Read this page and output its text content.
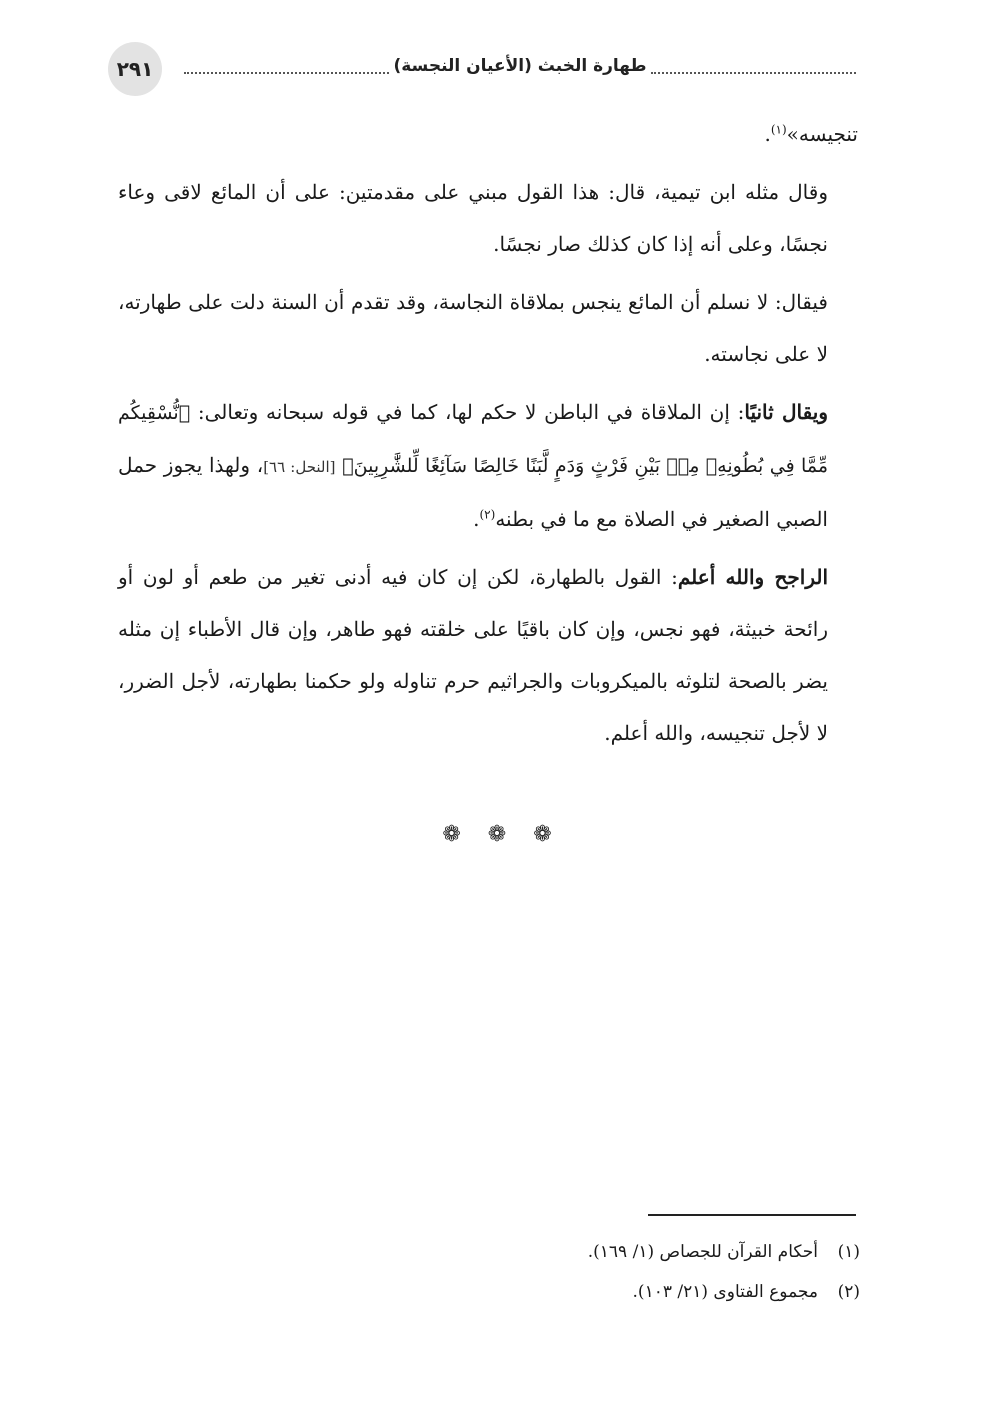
٢٩١	طهارة الخبث (الأعيان النجسة)

تنجيسه»$^{(١)}$.

وقال مثله ابن تيمية، قال: هذا القول مبني على مقدمتين: على أن المائع لاقى وعاء نجسًا، وعلى أنه إذا كان كذلك صار نجسًا.

فيقال: لا نسلم أن المائع ينجس بملاقاة النجاسة، وقد تقدم أن السنة دلت على طهارته، لا على نجاسته.

ويقال ثانيًا: إن الملاقاة في الباطن لا حكم لها، كما في قوله سبحانه وتعالى: ﴿نُّسْقِيكُم مِّمَّا فِي بُطُونِهِۦ مِنۢ بَيْنِ فَرْثٍ وَدَمٍ لَّبَنًا خَالِصًا سَآئِغًا لِّلشَّٰرِبِينَ﴾ [النحل: ٦٦]، ولهذا يجوز حمل الصبي الصغير في الصلاة مع ما في بطنه$^{(٢)}$.

الراجح والله أعلم: القول بالطهارة، لكن إن كان فيه أدنى تغير من طعم أو لون أو رائحة خبيثة، فهو نجس، وإن كان باقيًا على خلقته فهو طاهر، وإن قال الأطباء إن مثله يضر بالصحة لتلوثه بالميكروبات والجراثيم حرم تناوله ولو حكمنا بطهارته، لأجل الضرر، لا لأجل تنجيسه، والله أعلم.

❁ ❁ ❁
(١)
أحكام القرآن للجصاص (١/ ١٦٩).
(٢)
مجموع الفتاوى (٢١/ ١٠٣).
